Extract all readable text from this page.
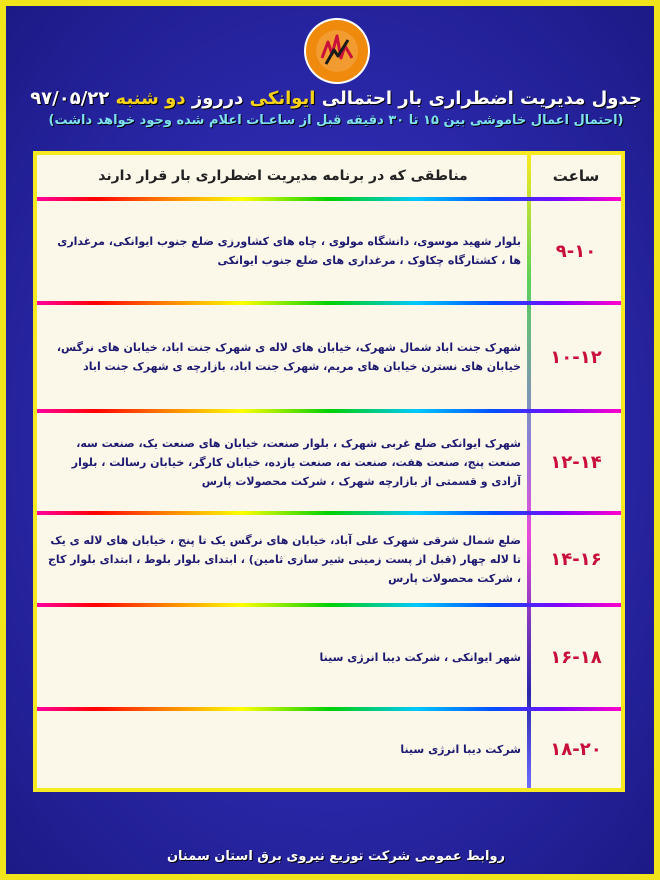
جدول مدیریت اضطراری بار احتمالی ایوانکی درروز دو شنبه ۹۷/۰۵/۲۲
(احتمال اعمال خاموشی بین ۱۵ تا ۳۰ دقیقه قبل از ساعـات اعلام شده وجود خواهد داشت)
روابط عمومی شرکت توزیع نیروی برق استان سمنان
مناطقی که در برنامه مدیریت اضطراری بار قرار دارند	ساعت
۹-۱۰
بلوار شهید موسوی، دانشگاه مولوی ، چاه های کشاورزی ضلع جنوب ایوانکی، مرغداری ها ، کشتارگاه چکاوک ، مرغداری های ضلع جنوب ایوانکی
۱۰-۱۲
شهرک جنت اباد شمال شهرک، خیابان های لاله ی شهرک جنت اباد، خیابان های نرگس، خیابان های نسترن خیابان های مریم، شهرک جنت اباد، بازارچه ی شهرک جنت اباد
۱۲-۱۴
شهرک ایوانکی ضلع غربی شهرک ، بلوار صنعت، خیابان های صنعت یک، صنعت سه، صنعت پنج، صنعت هفت، صنعت نه، صنعت یازده، خیابان کارگر، خیابان رسالت ، بلوار آزادی و قسمتی از بازارچه شهرک ، شرکت محصولات پارس
۱۴-۱۶
ضلع شمال شرقی شهرک علی آباد، خیابان های نرگس یک تا پنج ، خیابان های لاله ی یک تا لاله چهار (قبل از پست زمینی شیر سازی ثامین) ، ابتدای بلوار بلوط ، ابتدای بلوار کاج ، شرکت محصولات پارس
۱۶-۱۸
شهر ایوانکی ، شرکت دیبا انرژی سینا
۱۸-۲۰
شرکت دیبا انرژی سینا
